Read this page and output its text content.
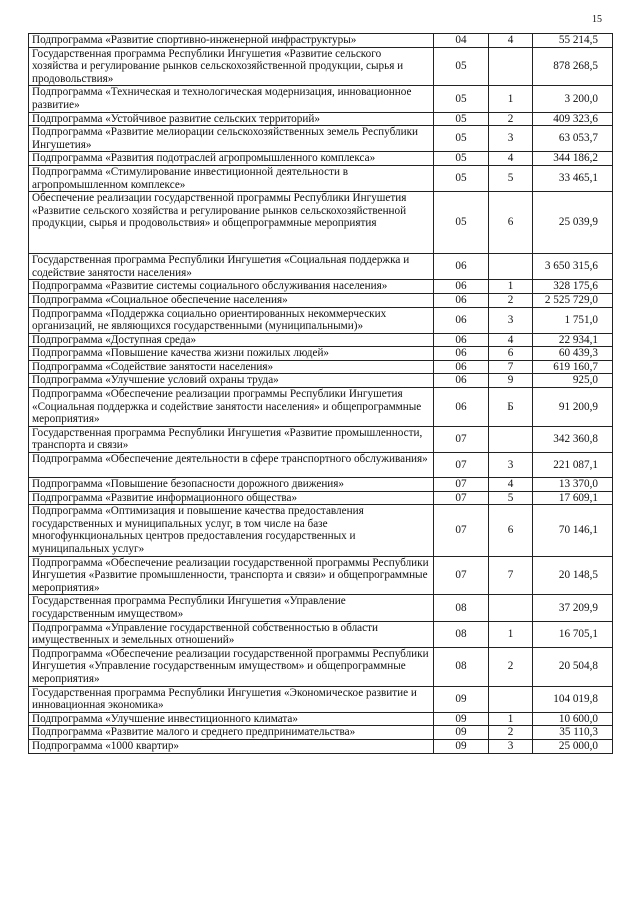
15
Подпрограмма «Развитие спортивно-инженерной инфраструктуры»	04	4	55 214,5
Государственная программа Республики Ингушетия «Развитие сельского хозяйства и регулирование рынков сельскохозяйственной продукции, сырья и продовольствия»	05		878 268,5
Подпрограмма «Техническая и технологическая модернизация, инновационное развитие»	05	1	3 200,0
Подпрограмма «Устойчивое развитие сельских территорий»	05	2	409 323,6
Подпрограмма «Развитие мелиорации сельскохозяйственных земель Республики Ингушетия»	05	3	63 053,7
Подпрограмма «Развития подотраслей агропромышленного комплекса»	05	4	344 186,2
Подпрограмма «Стимулирование инвестиционной деятельности в агропромышленном комплексе»	05	5	33 465,1
Обеспечение реализации государственной программы Республики Ингушетия «Развитие сельского хозяйства и регулирование рынков сельскохозяйственной продукции, сырья и продовольствия» и общепрограммные мероприятия	05	6	25 039,9
Государственная программа Республики Ингушетия «Социальная поддержка и содействие занятости населения»	06		3 650 315,6
Подпрограмма «Развитие системы социального обслуживания населения»	06	1	328 175,6
Подпрограмма «Социальное обеспечение населения»	06	2	2 525 729,0
Подпрограмма «Поддержка социально ориентированных некоммерческих организаций, не являющихся государственными (муниципальными)»	06	3	1 751,0
Подпрограмма «Доступная среда»	06	4	22 934,1
Подпрограмма «Повышение качества жизни пожилых людей»	06	6	60 439,3
Подпрограмма «Содействие занятости населения»	06	7	619 160,7
Подпрограмма «Улучшение условий охраны труда»	06	9	925,0
Подпрограмма «Обеспечение реализации программы Республики Ингушетия «Социальная поддержка и содействие занятости населения» и общепрограммные мероприятия»	06	Б	91 200,9
Государственная программа Республики Ингушетия «Развитие промышленности, транспорта и связи»	07		342 360,8
Подпрограмма «Обеспечение деятельности в сфере транспортного обслуживания»	07	3	221 087,1
Подпрограмма «Повышение безопасности дорожного движения»	07	4	13 370,0
Подпрограмма «Развитие информационного общества»	07	5	17 609,1
Подпрограмма «Оптимизация и повышение качества предоставления государственных и муниципальных услуг, в том числе на базе многофункциональных центров предоставления государственных и муниципальных услуг»	07	6	70 146,1
Подпрограмма «Обеспечение реализации государственной программы Республики Ингушетия «Развитие промышленности, транспорта и связи» и общепрограммные мероприятия»	07	7	20 148,5
Государственная программа Республики Ингушетия «Управление государственным имуществом»	08		37 209,9
Подпрограмма «Управление государственной собственностью в области имущественных и земельных отношений»	08	1	16 705,1
Подпрограмма «Обеспечение реализации государственной программы Республики Ингушетия «Управление государственным имуществом» и общепрограммные мероприятия»	08	2	20 504,8
Государственная программа Республики Ингушетия «Экономическое развитие и инновационная экономика»	09		104 019,8
Подпрограмма «Улучшение инвестиционного климата»	09	1	10 600,0
Подпрограмма «Развитие малого и среднего предпринимательства»	09	2	35 110,3
Подпрограмма «1000 квартир»	09	3	25 000,0
